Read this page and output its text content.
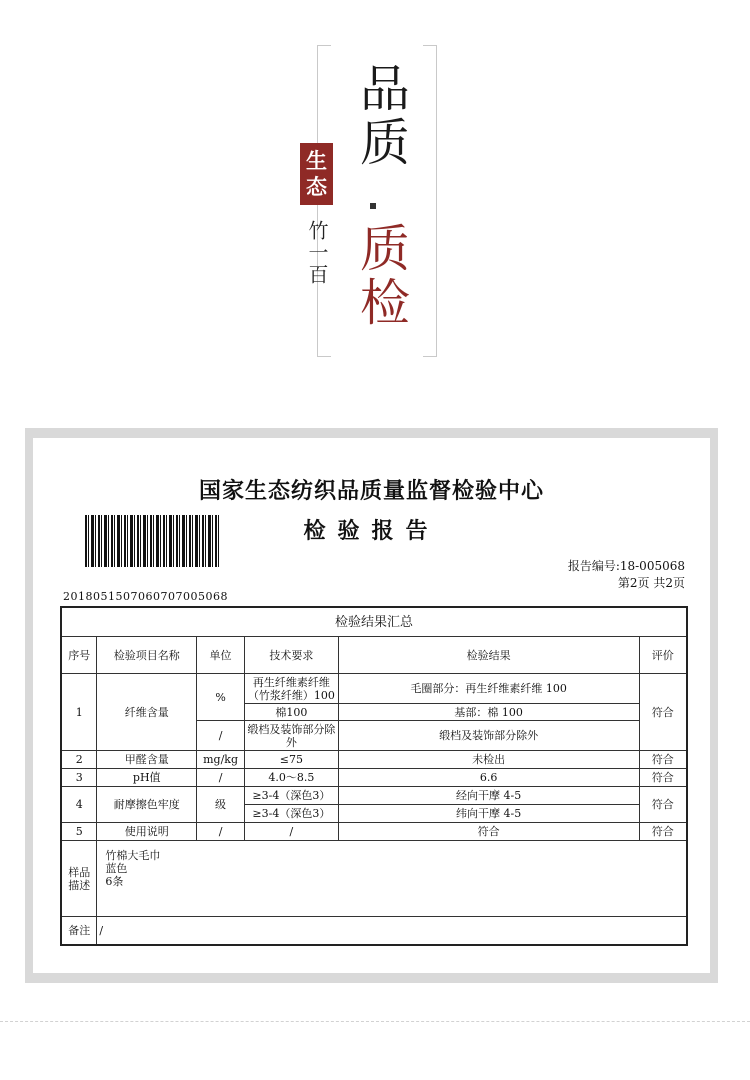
生
态
竹一百
品质
质检
国家生态纺织品质量监督检验中心
检验报告
报告编号:18-005068
第2页 共2页
2018051507060707005068
检验结果汇总					
序号	检验项目名称	单位	技术要求	检验结果	评价
1	纤维含量	%	再生纤维素纤维（竹浆纤维）100	毛圈部分：再生纤维素纤维 100	符合
			棉100	基部：棉 100	
		/	缎档及装饰部分除外	缎档及装饰部分除外	
2	甲醛含量	mg/kg	≤75	未检出	符合
3	pH值	/	4.0～8.5	6.6	符合
4	耐摩擦色牢度	级	≥3-4（深色3）	经向干摩 4-5	符合
			≥3-4（深色3）	纬向干摩 4-5	
5	使用说明	/	/	符合	符合
样品描述	竹棉大毛巾
蓝色
6条				

备注	/				
